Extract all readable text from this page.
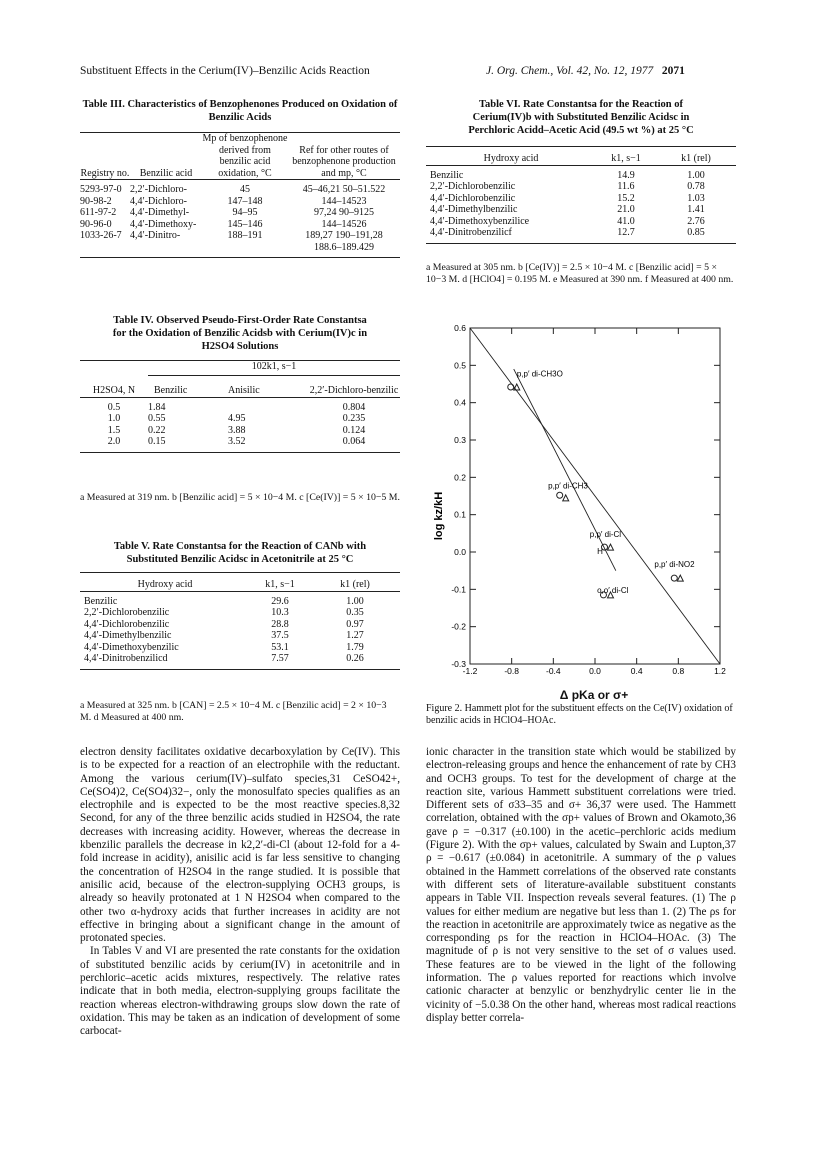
Substituent Effects in the Cerium(IV)–Benzilic Acids Reaction	J. Org. Chem., Vol. 42, No. 12, 1977 2071
Table III. Characteristics of Benzophenones Produced on Oxidation of Benzilic Acids
Registry no.	Benzilic acid	Mp of benzophenone derived from benzilic acid oxidation, °C	Ref for other routes of benzophenone production and mp, °C

5293-97-0	2,2′-Dichloro-	45	45–46,21 50–51.522
90-98-2	4,4′-Dichloro-	147–148	144–14523
611-97-2	4,4′-Dimethyl-	94–95	97,24 90–9125
90-96-0	4,4′-Dimethoxy-	145–146	144–14526
1033-26-7	4,4′-Dinitro-	188–191	189,27 190–191,28
			188.6–189.429

Table IV. Observed Pseudo-First-Order Rate Constantsa
for the Oxidation of Benzilic Acidsb with Cerium(IV)c in
H2SO4 Solutions
	102k1, s−1		
H2SO4, N	Benzilic	Anisilic	2,2′-Dichloro-benzilic

0.5	1.84		0.804
1.0	0.55	4.95	0.235
1.5	0.22	3.88	0.124
2.0	0.15	3.52	0.064

a Measured at 319 nm. b [Benzilic acid] = 5 × 10−4 M. c [Ce(IV)] = 5 × 10−5 M.
Table V. Rate Constantsa for the Reaction of CANb with
Substituted Benzilic Acidsc in Acetonitrile at 25 °C
Hydroxy acid	k1, s−1	k1 (rel)

Benzilic	29.6	1.00
2,2′-Dichlorobenzilic	10.3	0.35
4,4′-Dichlorobenzilic	28.8	0.97
4,4′-Dimethylbenzilic	37.5	1.27
4,4′-Dimethoxybenzilic	53.1	1.79
4,4′-Dinitrobenzilicd	7.57	0.26

a Measured at 325 nm. b [CAN] = 2.5 × 10−4 M. c [Benzilic acid] = 2 × 10−3 M. d Measured at 400 nm.
Table VI. Rate Constantsa for the Reaction of
Cerium(IV)b with Substituted Benzilic Acidsc in
Perchloric Acidd–Acetic Acid (49.5 wt %) at 25 °C
Hydroxy acid	k1, s−1	k1 (rel)

Benzilic	14.9	1.00
2,2′-Dichlorobenzilic	11.6	0.78
4,4′-Dichlorobenzilic	15.2	1.03
4,4′-Dimethylbenzilic	21.0	1.41
4,4′-Dimethoxybenzilice	41.0	2.76
4,4′-Dinitrobenzilicf	12.7	0.85

a Measured at 305 nm. b [Ce(IV)] = 2.5 × 10−4 M. c [Benzilic acid] = 5 × 10−3 M. d [HClO4] = 0.195 M. e Measured at 390 nm. f Measured at 400 nm.
0.6
0.5
0.4
0.3
0.2
0.1
0.0
-0.1
-0.2
-0.3
-1.2	-0.8	-0.4	0.0	0.4	0.8	1.2
p,p′ di-CH3O
p,p′ di-CH3
p,p′ di-Cl
H
p,p′ di-NO2
o,o′ di-Cl
log kz/kH
Δ pKa or σ+
Figure 2. Hammett plot for the substituent effects on the Ce(IV) oxidation of benzilic acids in HClO4–HOAc.

electron density facilitates oxidative decarboxylation by Ce(IV). This is to be expected for a reaction of an electrophile with the reductant. Among the various cerium(IV)–sulfato species,31 CeSO42+, Ce(SO4)2, Ce(SO4)32−, only the monosulfato species qualifies as an electrophile and is expected to be the most reactive species.8,32 Second, for any of the three benzilic acids studied in H2SO4, the rate decreases with increasing acidity. However, whereas the decrease in kbenzilic parallels the decrease in k2,2′-di-Cl (about 12-fold for a 4-fold increase in acidity), anisilic acid is far less sensitive to changing the concentration of H2SO4 in the range studied. It is possible that anisilic acid, because of the electron-supplying OCH3 groups, is already so heavily protonated at 1 N H2SO4 when compared to the other two α-hydroxy acids that further increases in acidity are not effective in bringing about a significant change in the amount of protonated species.

In Tables V and VI are presented the rate constants for the oxidation of substituted benzilic acids by cerium(IV) in acetonitrile and in perchloric–acetic acids mixtures, respectively. The relative rates indicate that in both media, electron-supplying groups facilitate the reaction whereas electron-withdrawing groups slow down the rate of oxidation. This may be taken as an indication of development of some carbocat-

ionic character in the transition state which would be stabilized by electron-releasing groups and hence the enhancement of rate by CH3 and OCH3 groups. To test for the development of charge at the reaction site, various Hammett substituent correlations were tried. Different sets of σ33–35 and σ+ 36,37 were used. The Hammett correlation, obtained with the σp+ values of Brown and Okamoto,36 gave ρ = −0.317 (±0.100) in the acetic–perchloric acids medium (Figure 2). With the σp+ values, calculated by Swain and Lupton,37 ρ = −0.617 (±0.084) in acetonitrile. A summary of the ρ values obtained in the Hammett correlations of the observed rate constants with different sets of literature-available substituent constants appears in Table VII. Inspection reveals several features. (1) The ρ values for either medium are negative but less than 1. (2) The ρs for the reaction in acetonitrile are approximately twice as negative as the corresponding ρs for the reaction in HClO4–HOAc. (3) The magnitude of ρ is not very sensitive to the set of σ values used. These features are to be viewed in the light of the following information. The ρ values reported for reactions which involve cationic character at benzylic or benzhydrylic center lie in the vicinity of −5.0.38 On the other hand, whereas most radical reactions display better correla-
